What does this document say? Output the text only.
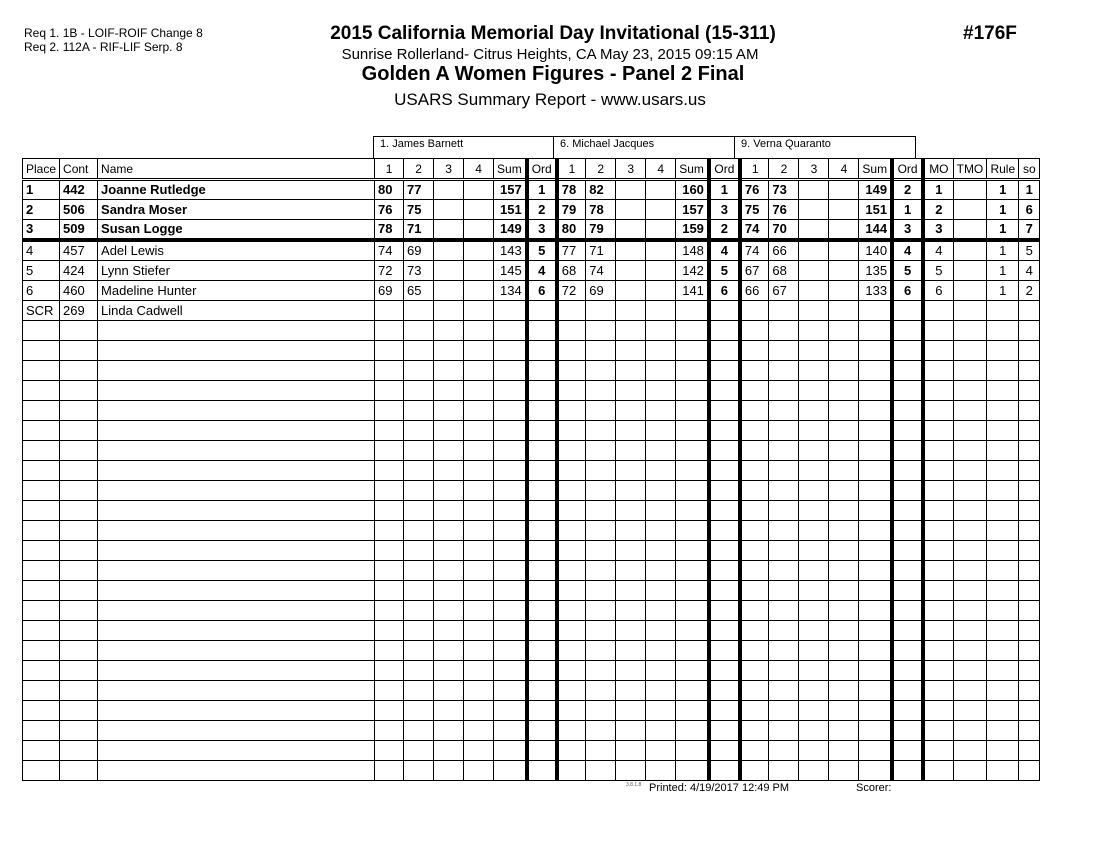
Req 1. 1B - LOIF-ROIF Change 8
Req 2. 112A - RIF-LIF Serp. 8
2015 California Memorial Day Invitational (15-311)
Sunrise Rollerland- Citrus Heights, CA May 23, 2015 09:15 AM
Golden A Women Figures - Panel 2 Final
USARS Summary Report - www.usars.us
#176F
1. James Barnett	6. Michael Jacques	9. Verna Quaranto
Place	Cont	Name	1	2	3	4	Sum	Ord	1	2	3	4	Sum	Ord	1	2	3	4	Sum	Ord	MO	TMO	Rule	so
1	442	Joanne Rutledge	80	77			157	1	78	82			160	1	76	73			149	2	1		1	1
2	506	Sandra Moser	76	75			151	2	79	78			157	3	75	76			151	1	2		1	6
3	509	Susan Logge	78	71			149	3	80	79			159	2	74	70			144	3	3		1	7
4	457	Adel Lewis	74	69			143	5	77	71			148	4	74	66			140	4	4		1	5
5	424	Lynn Stiefer	72	73			145	4	68	74			142	5	67	68			135	5	5		1	4
6	460	Madeline Hunter	69	65			134	6	72	69			141	6	66	67			133	6	6		1	2
SCR	269	Linda Cadwell																						

3.8.1.8 Printed: 4/19/2017 12:49 PM	Scorer:
